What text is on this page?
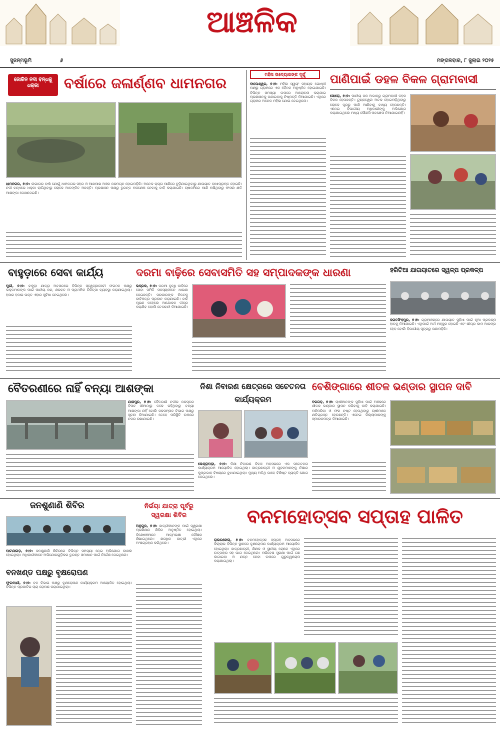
ଆଞ୍ଚଳିକ
ସୁଜନ୍ମଭୂମି	୬	ମଙ୍ଗଳବାର, ୮ ଜୁଲାଇ ୨୦୨୫
ଜୋକିନ ନଦୀ ବନ୍ଧକୁ ଧକ୍କା	ବର୍ଷାରେ ଜଳାର୍ଣ୍ଣବ ଧାମନଗର
ଧାମନଗର, ୭।୭: ଲଗାତାର ବର୍ଷା ଯୋଗୁଁ ଧାମନଗର ସହର ଓ ଆଖପାଖ ଅଞ୍ଚଳ ଜଳମଗ୍ନ ହୋଇପଡ଼ିଛି। ଅନେକ ରାସ୍ତା ପାଣିରେ ବୁଡ଼ିଯାଇଥିବାରୁ ଯାତାୟାତ ବାଧାପ୍ରାପ୍ତ ହୋଇଛି। ନଦୀ ବନ୍ଧରେ ଧକ୍କା ଲାଗିଥିବାରୁ ଲୋକେ ଆତଙ୍କିତ ଅଛନ୍ତି। ପ୍ରଶାସନ ପକ୍ଷରୁ ତୁରନ୍ତ ପଦକ୍ଷେପ ନେବାକୁ ଦାବି କରାଯାଇଛି। ଚାଷଜମିରେ ପାଣି ପଶିଥିବାରୁ ଫସଲ କ୍ଷତି ଆଶଙ୍କା ଦେଖାଦେଇଛି।
ମହିଳା ଉଦ୍ୟୋଗଙ୍କ ଦୂର୍ଗୁ
ବାଲେଶ୍ୱର, ୭।୭: ମହିଳା ସ୍ୱୟଂ ସହାୟକ ଗୋଷ୍ଠୀ ପକ୍ଷରୁ ଗ୍ରାମରେ ଏକ ବୈଠକ ଅନୁଷ୍ଠିତ ହୋଇଯାଇଛି। ବିଭିନ୍ନ ସମସ୍ୟା ଉପରେ ଆଲୋଚନା କରାଯାଇ ପ୍ରଶାସନକୁ ଜଣାଇବାକୁ ନିଷ୍ପତ୍ତି ନିଆଯାଇଛି। ଏଥିରେ ଗ୍ରାମର ଅନେକ ମହିଳା ଯୋଗ ଦେଇଥିଲେ।
ପାଣିପାଇଁ ଡହଳ ବିକଳ ଗ୍ରାମବାସୀ
ସୋରୋ, ୭।୭: ପାନୀୟ ଜଳ ଅଭାବରୁ ଗ୍ରାମବାସୀ ଡହଳ ବିକଳ ହେଉଛନ୍ତି। ଟ୍ୟୁବୱେଲ ଅଚଳ ହୋଇପଡ଼ିଥିବାରୁ ଲୋକେ ଦୂରରୁ ପାଣି ଆଣିବାକୁ ବାଧ୍ୟ ହେଉଛନ୍ତି। ଏନେଇ ବିଭାଗୀୟ ଅଧିକାରୀଙ୍କୁ ଅଭିଯୋଗ କରାଯାଇଥିଲେ ମଧ୍ୟ କୌଣସି ପଦକ୍ଷେପ ନିଆଯାଇନାହିଁ।
ବାହୁଡ଼ାରେ ସେବା କାର୍ଯ୍ୟ
ପୁରୀ, ୭।୭: ବାହୁଡ଼ା ଯାତ୍ରା ଅବସରରେ ବିଭିନ୍ନ ସ୍ୱେଚ୍ଛାସେବୀ ସଂଗଠନ ପକ୍ଷରୁ ଭକ୍ତମାନଙ୍କ ପାଇଁ ପାନୀୟ ଜଳ, ଶରବତ ଓ ପ୍ରାଥମିକ ଚିକିତ୍ସା ବ୍ୟବସ୍ଥା କରାଯାଇଥିଲା। ହଜାର ହଜାର ଭକ୍ତ ଏହାର ସୁବିଧା ନେଇଥିଲେ।
ଦରମା ବାଢ଼ିରେ ସେବାସମିତି ସହ ସମ୍ପାଦକଙ୍କ ଧାରଣା
ଭଦ୍ରକ, ୭।୭: ଦରମା ବୃଦ୍ଧି ଦାବିରେ ସେବା ସମିତି ସଦସ୍ୟମାନେ ଧାରଣା ଦେଇଛନ୍ତି। ସରକାରଙ୍କ ନିକଟକୁ ଦାବିପତ୍ର ପ୍ରଦାନ କରାଯାଇଛି। ଦାବି ପୂରଣ ନହେଲେ ଆନ୍ଦୋଳନ ତୀବ୍ର କରାଯିବ ବୋଲି ଚେତାବନୀ ଦିଆଯାଇଛି।
ହରିତିଆ ଯାତାୟାତରେ ସ୍ୱଳ୍ପ ପ୍ରକଳ୍ପ
ଜଗତସିଂହପୁର, ୭।୭: ଗ୍ରାମାଞ୍ଚଳରେ ଯାତାୟାତ ସୁବିଧା ପାଇଁ ନୂଆ ପ୍ରକଳ୍ପ ହାତକୁ ନିଆଯାଇଛି। ଏଥିପାଇଁ ଅର୍ଥ ମଞ୍ଜୁର ହୋଇଛି ଏବଂ ଶୀଘ୍ର କାମ ଆରମ୍ଭ ହେବ ବୋଲି ବିଭାଗୀୟ ସୂତ୍ରରୁ ଜଣାପଡ଼ିଛି।
ବୈତରଣୀରେ ନାହିଁ ବନ୍ୟା ଆଶଙ୍କା
ଯାଜପୁର, ୭।୭: ବୈତରଣୀ ନଦୀର ଜଳସ୍ତର ବିପଦ ସୀମାଠାରୁ ତଳେ ରହିଥିବାରୁ ବନ୍ୟା ଆଶଙ୍କା ନାହିଁ ବୋଲି ଜଳସମ୍ପଦ ବିଭାଗ ପକ୍ଷରୁ ସୂଚନା ଦିଆଯାଇଛି। ତେବେ ପରିସ୍ଥିତି ଉପରେ ନଜର ରଖାଯାଇଛି।
ନିଶା ନିବାରଣ କ୍ଷେତ୍ରରେ ସଚେତନତା କାର୍ଯ୍ୟକ୍ରମ
କେନ୍ଦ୍ରାପଡ଼ା, ୭।୭: ନିଶା ନିବାରଣ ଦିବସ ଅବସରରେ ଏକ ସଚେତନତା କାର୍ଯ୍ୟକ୍ରମ ଆୟୋଜିତ ହୋଇଥିଲା। ଛାତ୍ରଛାତ୍ରୀ ଓ ଯୁବକମାନଙ୍କୁ ନିଶାର କୁପ୍ରଭାବ ବିଷୟରେ ବୁଝାଯାଇଥିଲା। ମୁଖ୍ୟ ଅତିଥି ଭାବେ ବିଶିଷ୍ଟ ବ୍ୟକ୍ତି ଯୋଗ ଦେଇଥିଲେ।
ବେଶିଙ୍ଗାରେ ଶୀତଳ ଭଣ୍ଡାର ସ୍ଥାପନ ଦାବି
ବରଗଡ଼, ୭।୭: ଚାଷୀମାନଙ୍କ ସୁବିଧା ପାଇଁ ଅଞ୍ଚଳରେ ଶୀତଳ ଭଣ୍ଡାର ସ୍ଥାପନ କରିବାକୁ ଦାବି କରାଯାଇଛି। ପନିପରିବା ଓ ଫଳ ନଷ୍ଟ ହେଉଥିବାରୁ ଚାଷୀମାନେ କ୍ଷତିଗ୍ରସ୍ତ ହେଉଛନ୍ତି। ଏନେଇ ଜିଲ୍ଲାପାଳଙ୍କୁ ସ୍ମାରକପତ୍ର ଦିଆଯାଇଛି।
ଜନଶୁଣାଣି ଶିବିର
ପାଟଣାଗଡ଼, ୭।୭: ଜନଶୁଣାଣି ଶିବିରରେ ବିଭିନ୍ନ ସମସ୍ୟା ନେଇ ଅଭିଯୋଗ ଦାଖଲ ହୋଇଥିଲା। ଅଧିକାରୀମାନେ ଅଭିଯୋଗଗୁଡ଼ିକର ତୁରନ୍ତ ସମାଧାନ ପାଇଁ ନିର୍ଦ୍ଦେଶ ଦେଇଥିଲେ।
ନିର୍ଭୟା ଯାତ୍ରା ପୂର୍ବରୁ ସ୍ୱରକ୍ଷା ଶିବିର
ଅନୁଗୁଳ, ୭।୭: ଛାତ୍ରୀମାନଙ୍କ ପାଇଁ ସ୍ୱରକ୍ଷା ପ୍ରଶିକ୍ଷଣ ଶିବିର ଅନୁଷ୍ଠିତ ହୋଇଥିଲା। ବିଶେଷଜ୍ଞମାନେ ଆତ୍ମରକ୍ଷା କୌଶଳ ଶିଖାଇଥିଲେ। ଶତାଧିକ ଛାତ୍ରୀ ଏଥିରେ ଅଂଶଗ୍ରହଣ କରିଥିଲେ।
ବନଖଣ୍ଡ ପକ୍ଷରୁ ବୃକ୍ଷରୋପଣ
ଫୁଲବାଣୀ, ୭।୭: ବନ ବିଭାଗ ପକ୍ଷରୁ ବୃକ୍ଷରୋପଣ କାର୍ଯ୍ୟକ୍ରମ ଆୟୋଜିତ ହୋଇଥିଲା। ବିଭିନ୍ନ ପ୍ରଜାତିର ଚାରା ରୋପଣ କରାଯାଇଥିଲା।
ବନମହୋତ୍ସବ ସପ୍ତାହ ପାଳିତ
ରାଉରକେଲା, ୭।୭: ବନମହୋତ୍ସବ ସପ୍ତାହ ଅବସରରେ ଜିଲ୍ଲାର ବିଭିନ୍ନ ସ୍ଥାନରେ ବୃକ୍ଷରୋପଣ କାର୍ଯ୍ୟକ୍ରମ ଆୟୋଜିତ ହୋଇଥିଲା। ଛାତ୍ରଛାତ୍ରୀ, ଶିକ୍ଷକ ଓ ସ୍ଥାନୀୟ ଲୋକେ ଏଥିରେ ଉତ୍ସାହର ସହ ଭାଗ ନେଇଥିଲେ। ପରିବେଶ ସୁରକ୍ଷା ପାଇଁ ଗଛ ଲଗାଇବା ଓ ଯତ୍ନ ନେବା ଉପରେ ଗୁରୁତ୍ୱାରୋପ କରାଯାଇଥିଲା।
